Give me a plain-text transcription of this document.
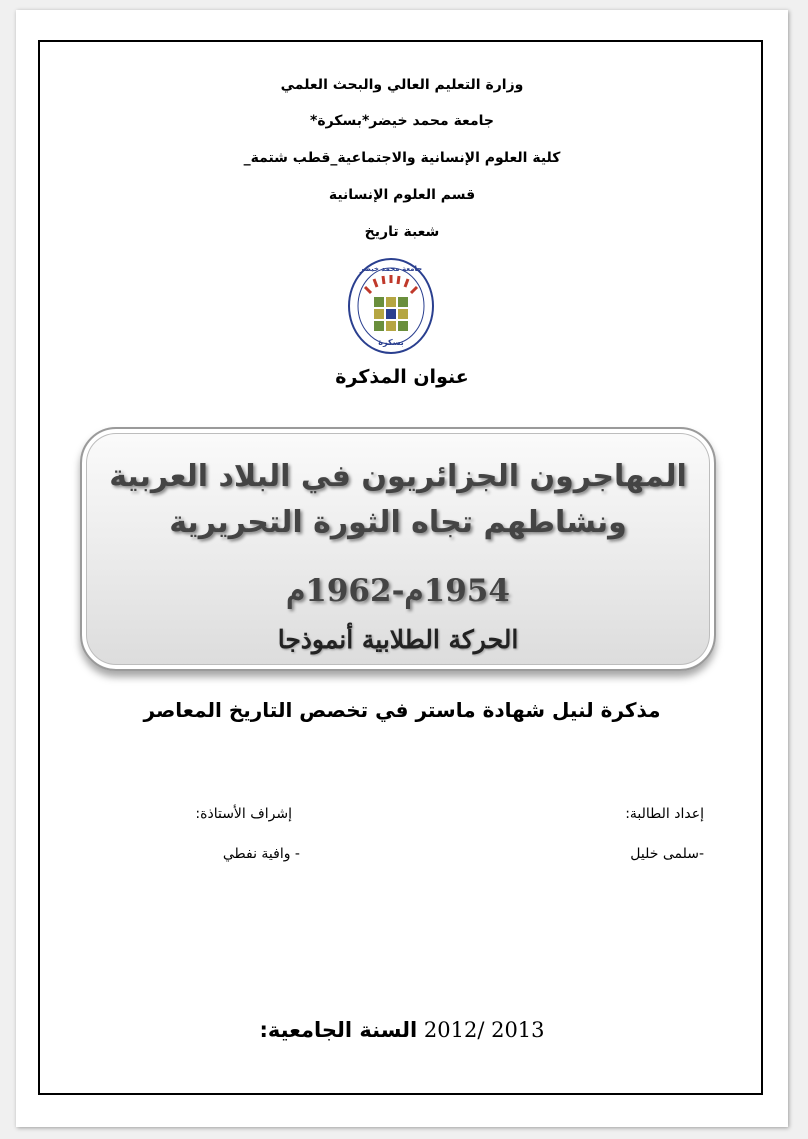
وزارة التعليم العالي والبحث العلمي
جامعة محمد خيضر*بسكرة*
كلية العلوم الإنسانية والاجتماعية_قطب شتمة_
قسم العلوم الإنسانية
شعبة تاريخ
بسكرة
جامعة محمد خيضر
عنوان المذكرة
المهاجرون الجزائريون في البلاد العربية
ونشاطهم تجاه الثورة التحريرية
1954م-1962م
الحركة الطلابية أنموذجا
مذكرة لنيل شهادة ماستر في تخصص التاريخ المعاصر
إعداد الطالبة:
-سلمى خليل
إشراف الأستاذة:
- وافية نفطي
السنة الجامعية: 2012/ 2013
